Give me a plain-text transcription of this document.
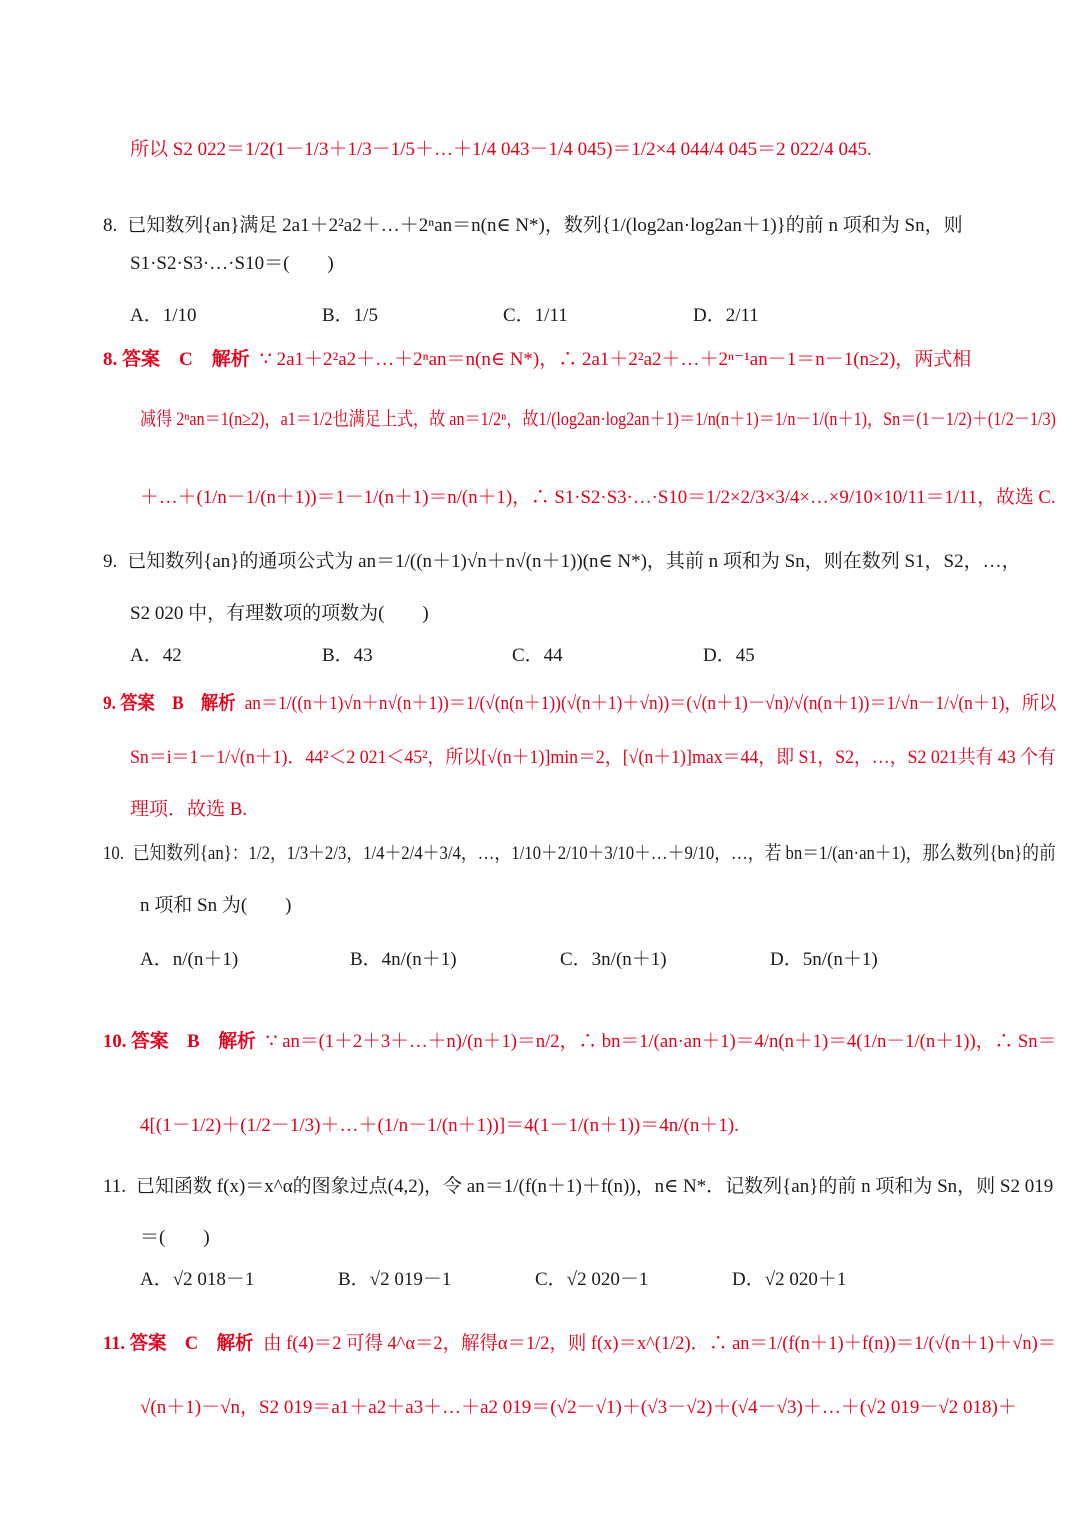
所以 S2 022＝1/2(1－1/3＋1/3－1/5＋…＋1/4 043－1/4 045)＝1/2×4 044/4 045＝2 022/4 045.
8. 已知数列{an}满足 2a1＋2²a2＋…＋2ⁿan＝n(n∈ N*)，数列{1/(log2an·log2an＋1)}的前 n 项和为 Sn，则
S1·S2·S3·…·S10＝(　　)
A．1/10	B．1/5	C．1/11	D．2/11
8. 答案　C　解析 ∵ 2a1＋2²a2＋…＋2ⁿan＝n(n∈ N*)，∴ 2a1＋2²a2＋…＋2ⁿ⁻¹an－1＝n－1(n≥2)，两式相
减得 2ⁿan＝1(n≥2)，a1＝1/2也满足上式，故 an＝1/2ⁿ，故1/(log2an·log2an＋1)＝1/n(n＋1)＝1/n－1/(n＋1)，Sn＝(1－1/2)＋(1/2－1/3)
＋…＋(1/n－1/(n＋1))＝1－1/(n＋1)＝n/(n＋1)，∴ S1·S2·S3·…·S10＝1/2×2/3×3/4×…×9/10×10/11＝1/11，故选 C.
9. 已知数列{an}的通项公式为 an＝1/((n＋1)√n＋n√(n＋1))(n∈ N*)，其前 n 项和为 Sn，则在数列 S1，S2，…，
S2 020 中，有理数项的项数为(　　)
A．42	B．43	C．44	D．45
9. 答案　B　解析 an＝1/((n＋1)√n＋n√(n＋1))＝1/(√(n(n＋1))(√(n＋1)＋√n))＝(√(n＋1)－√n)/√(n(n＋1))＝1/√n－1/√(n＋1)，所以
Sn＝i＝1－1/√(n＋1)．44²＜2 021＜45²，所以[√(n＋1)]min＝2，[√(n＋1)]max＝44，即 S1，S2，…，S2 021共有 43 个有
理项．故选 B.
10. 已知数列{an}：1/2，1/3＋2/3，1/4＋2/4＋3/4，…，1/10＋2/10＋3/10＋…＋9/10，…，若 bn＝1/(an·an＋1)，那么数列{bn}的前
n 项和 Sn 为(　　)
A．n/(n＋1)	B．4n/(n＋1)	C．3n/(n＋1)	D．5n/(n＋1)
10. 答案　B　解析 ∵ an＝(1＋2＋3＋…＋n)/(n＋1)＝n/2，∴ bn＝1/(an·an＋1)＝4/n(n＋1)＝4(1/n－1/(n＋1))，∴ Sn＝
4[(1－1/2)＋(1/2－1/3)＋…＋(1/n－1/(n＋1))]＝4(1－1/(n＋1))＝4n/(n＋1).
11. 已知函数 f(x)＝x^α的图象过点(4,2)，令 an＝1/(f(n＋1)＋f(n))，n∈ N*．记数列{an}的前 n 项和为 Sn，则 S2 019
＝(　　)
A．√2 018－1	B．√2 019－1	C．√2 020－1	D．√2 020＋1
11. 答案　C　解析 由 f(4)＝2 可得 4^α＝2，解得α＝1/2，则 f(x)＝x^(1/2)．∴ an＝1/(f(n＋1)＋f(n))＝1/(√(n＋1)＋√n)＝
√(n＋1)－√n，S2 019＝a1＋a2＋a3＋…＋a2 019＝(√2－√1)＋(√3－√2)＋(√4－√3)＋…＋(√2 019－√2 018)＋
